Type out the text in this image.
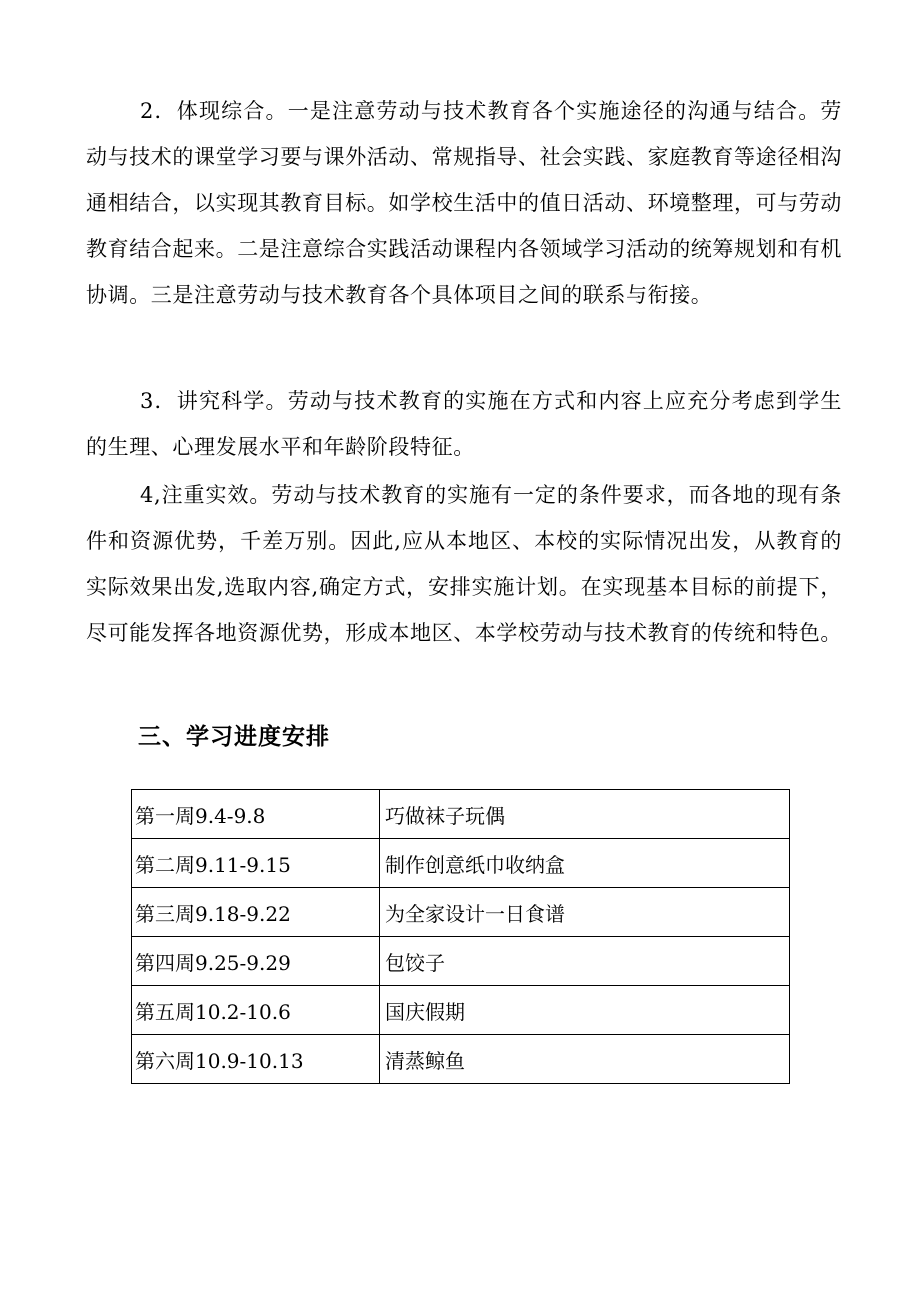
2．体现综合。一是注意劳动与技术教育各个实施途径的沟通与结合。劳动与技术的课堂学习要与课外活动、常规指导、社会实践、家庭教育等途径相沟通相结合，以实现其教育目标。如学校生活中的值日活动、环境整理，可与劳动教育结合起来。二是注意综合实践活动课程内各领域学习活动的统筹规划和有机协调。三是注意劳动与技术教育各个具体项目之间的联系与衔接。

3．讲究科学。劳动与技术教育的实施在方式和内容上应充分考虑到学生的生理、心理发展水平和年龄阶段特征。

4,注重实效。劳动与技术教育的实施有一定的条件要求，而各地的现有条件和资源优势，千差万别。因此,应从本地区、本校的实际情况出发，从教育的实际效果出发,选取内容,确定方式，安排实施计划。在实现基本目标的前提下，尽可能发挥各地资源优势，形成本地区、本学校劳动与技术教育的传统和特色。

三、学习进度安排
第一周9.4-9.8	巧做袜子玩偶
第二周9.11-9.15	制作创意纸巾收纳盒
第三周9.18-9.22	为全家设计一日食谱
第四周9.25-9.29	包饺子
第五周10.2-10.6	国庆假期
第六周10.9-10.13	清蒸鲸鱼
